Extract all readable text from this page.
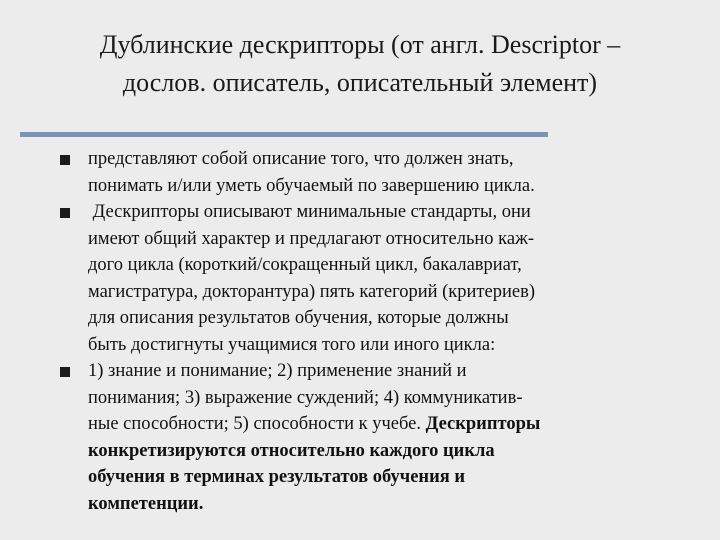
Дублинские дескрипторы (от англ. Descriptor –
дослов. описатель, описательный элемент)
представляют собой описание того, что должен знать,
понимать и/или уметь обучаемый по завершению цикла.
Дескрипторы описывают минимальные стандарты, они
имеют общий характер и предлагают относительно каж-
дого цикла (короткий/сокращенный цикл, бакалавриат,
магистратура, докторантура) пять категорий (критериев)
для описания результатов обучения, которые должны
быть достигнуты учащимися того или иного цикла:
1) знание и понимание; 2) применение знаний и
понимания; 3) выражение суждений; 4) коммуникатив-
ные способности; 5) способности к учебе. Дескрипторы
конкретизируются относительно каждого цикла
обучения в терминах результатов обучения и
компетенции.
